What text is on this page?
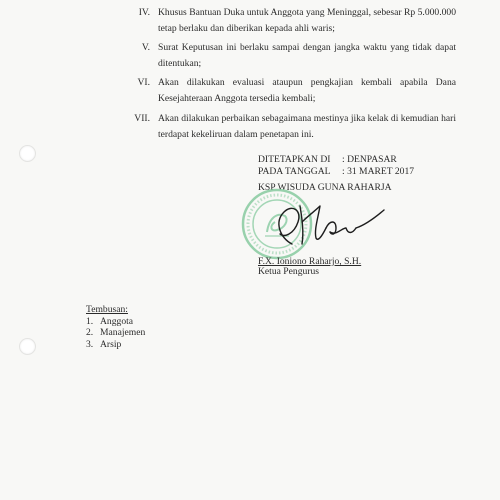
IV. Khusus Bantuan Duka untuk Anggota yang Meninggal, sebesar Rp 5.000.000 tetap berlaku dan diberikan kepada ahli waris;
V. Surat Keputusan ini berlaku sampai dengan jangka waktu yang tidak dapat ditentukan;
VI. Akan dilakukan evaluasi ataupun pengkajian kembali apabila Dana Kesejahteraan Anggota tersedia kembali;
VII. Akan dilakukan perbaikan sebagaimana mestinya jika kelak di kemudian hari terdapat kekeliruan dalam penetapan ini.
DITETAPKAN DI : DENPASAR
PADA TANGGAL : 31 MARET 2017
KSP WISUDA GUNA RAHARJA
F.X. Ioniono Raharjo, S.H.
Ketua Pengurus
Tembusan:
1. Anggota
2. Manajemen
3. Arsip
